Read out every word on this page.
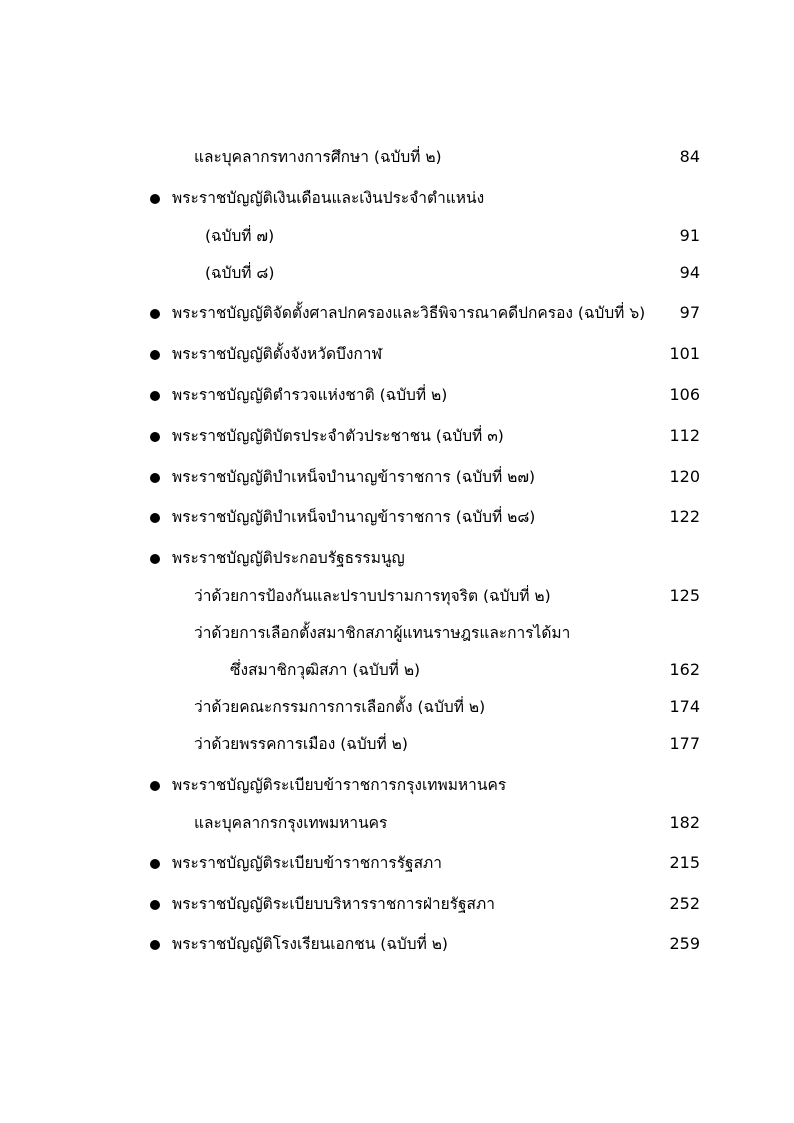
และบุคลากรทางการศึกษา (ฉบับที่ ๒)	84
พระราชบัญญัติเงินเดือนและเงินประจำตำแหน่ง
(ฉบับที่ ๗)	91
(ฉบับที่ ๘)	94
พระราชบัญญัติจัดตั้งศาลปกครองและวิธีพิจารณาคดีปกครอง (ฉบับที่ ๖) 97
พระราชบัญญัติตั้งจังหวัดบึงกาฬ	101
พระราชบัญญัติตำรวจแห่งชาติ (ฉบับที่ ๒)	106
พระราชบัญญัติบัตรประจำตัวประชาชน (ฉบับที่ ๓)	112
พระราชบัญญัติบำเหน็จบำนาญข้าราชการ (ฉบับที่ ๒๗)	120
พระราชบัญญัติบำเหน็จบำนาญข้าราชการ (ฉบับที่ ๒๘)	122
พระราชบัญญัติประกอบรัฐธรรมนูญ
ว่าด้วยการป้องกันและปราบปรามการทุจริต (ฉบับที่ ๒)	125
ว่าด้วยการเลือกตั้งสมาชิกสภาผู้แทนราษฎรและการได้มา
ซึ่งสมาชิกวุฒิสภา (ฉบับที่ ๒)	162
ว่าด้วยคณะกรรมการการเลือกตั้ง (ฉบับที่ ๒)	174
ว่าด้วยพรรคการเมือง (ฉบับที่ ๒)	177
พระราชบัญญัติระเบียบข้าราชการกรุงเทพมหานคร
และบุคลากรกรุงเทพมหานคร	182
พระราชบัญญัติระเบียบข้าราชการรัฐสภา	215
พระราชบัญญัติระเบียบบริหารราชการฝ่ายรัฐสภา	252
พระราชบัญญัติโรงเรียนเอกชน (ฉบับที่ ๒)	259
